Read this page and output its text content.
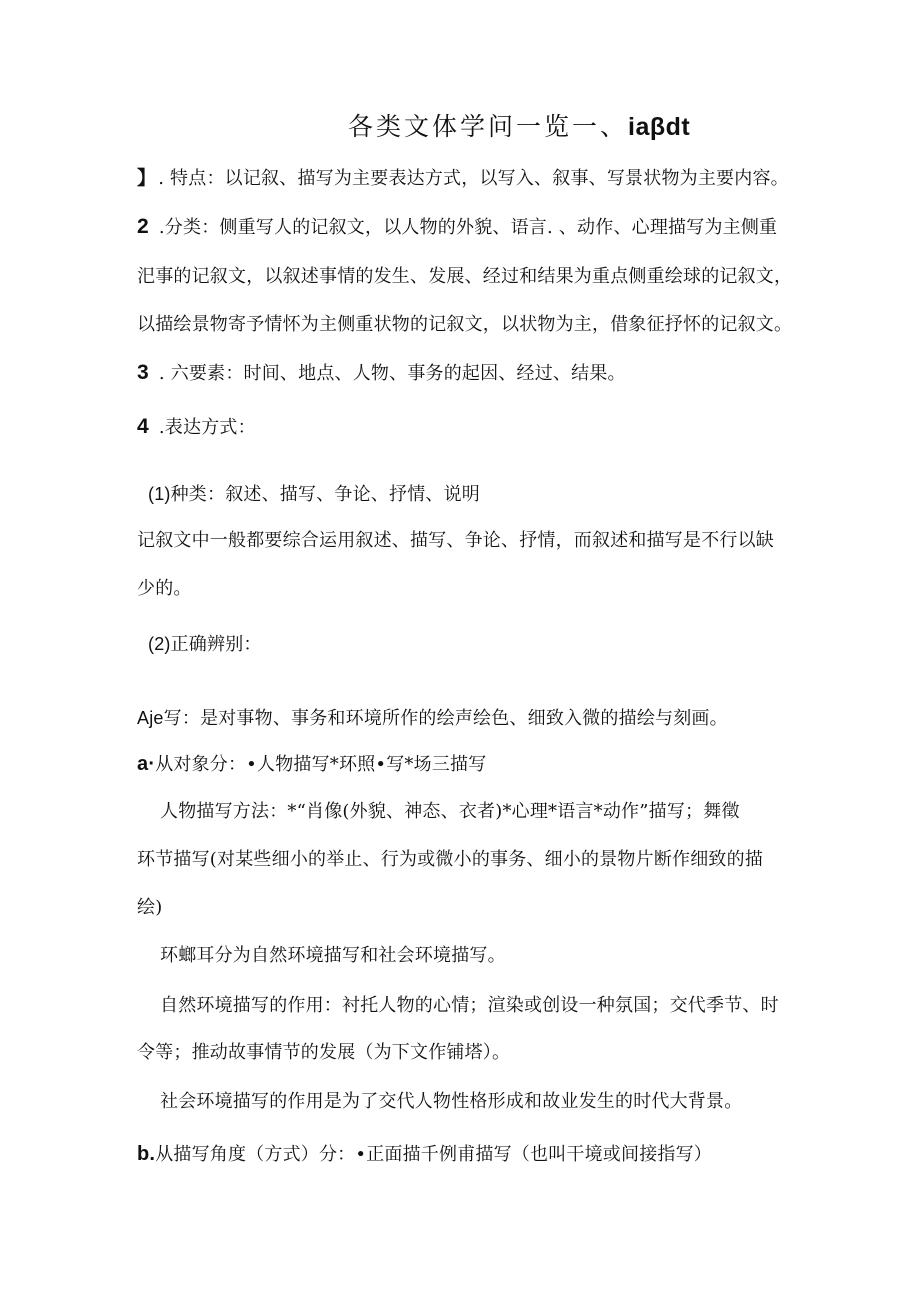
各类文体学问一览一、iaβdt
】 . 特点：以记叙、描写为主要表达方式，以写入、叙事、写景状物为主要内容。
2 .分类：侧重写人的记叙文，以人物的外貌、语言. 、动作、心理描写为主侧重
汜事的记叙文，以叙述事情的发生、发展、经过和结果为重点侧重绘球的记叙文，
以描绘景物寄予情怀为主侧重状物的记叙文，以状物为主，借象征抒怀的记叙文。
3 . 六要素：时间、地点、人物、事务的起因、经过、结果。
4 .表达方式：
(1)种类：叙述、描写、争论、抒情、说明
记叙文中一般都要综合运用叙述、描写、争论、抒情，而叙述和描写是不行以缺
少的。
(2)正确辨别：
Aje写：是对事物、事务和环境所作的绘声绘色、细致入微的描绘与刻画。
a·从对象分：•人物描写*环照•写*场三描写
人物描写方法：*“肖像(外貌、神态、衣者)*心理*语言*动作”描写；舞徵
环节描写(对某些细小的举止、行为或微小的事务、细小的景物片断作细致的描
绘)
环螂耳分为自然环境描写和社会环境描写。
自然环境描写的作用：衬托人物的心情；渲染或创设一种氛国；交代季节、时
令等；推动故事情节的发展（为下文作铺塔）。
社会环境描写的作用是为了交代人物性格形成和故业发生的时代大背景。
b.从描写角度（方式）分：•正面描千例甫描写（也叫干境或间接指写）
